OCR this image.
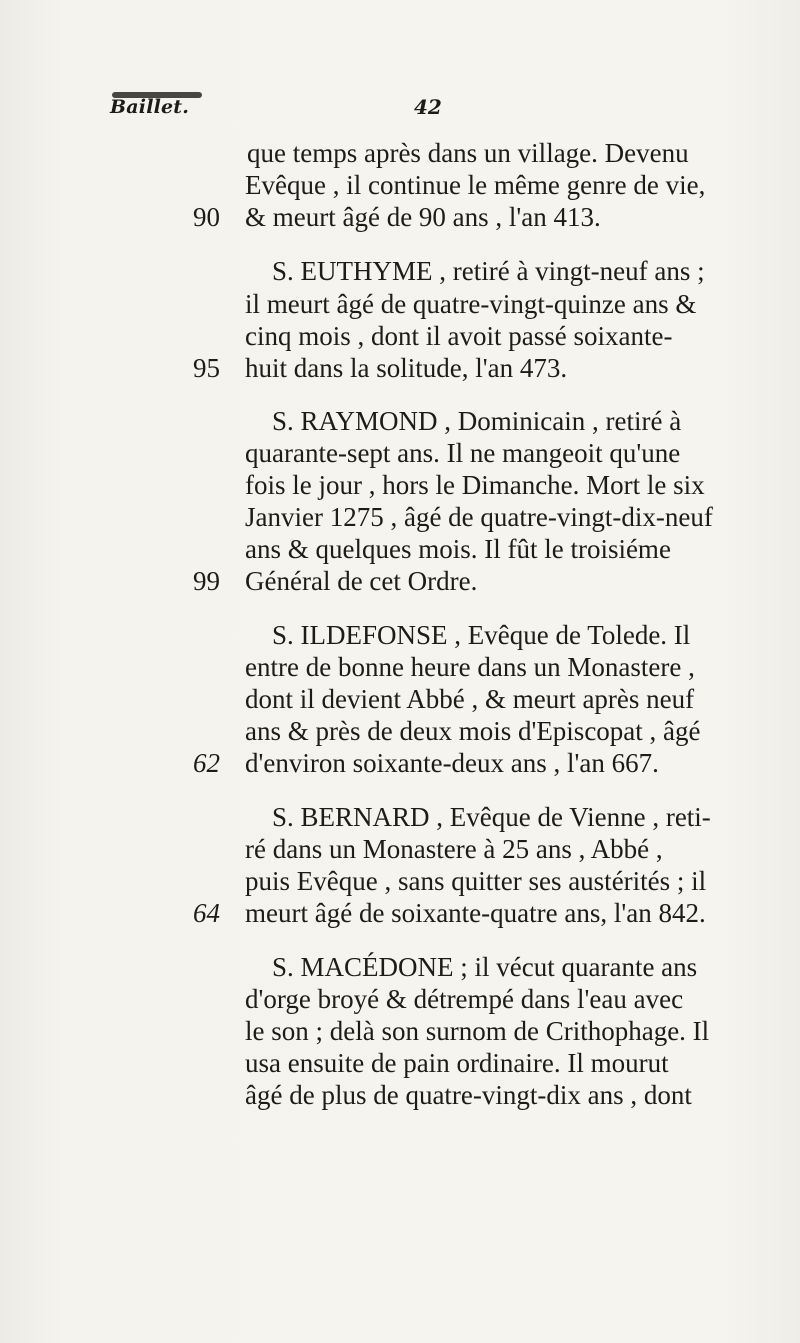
Baillet.	42
que temps après dans un village. Devenu
Evêque , il continue le même genre de vie,
90 & meurt âgé de 90 ans , l'an 413.
S. EUTHYME , retiré à vingt-neuf ans ;
il meurt âgé de quatre-vingt-quinze ans &
cinq mois , dont il avoit passé soixante-
95 huit dans la solitude, l'an 473.
S. RAYMOND , Dominicain , retiré à
quarante-sept ans. Il ne mangeoit qu'une
fois le jour , hors le Dimanche. Mort le six
Janvier 1275 , âgé de quatre-vingt-dix-neuf
ans & quelques mois. Il fût le troisiéme
99 Général de cet Ordre.
S. ILDEFONSE , Evêque de Tolede. Il
entre de bonne heure dans un Monastere ,
dont il devient Abbé , & meurt après neuf
ans & près de deux mois d'Episcopat , âgé
62 d'environ soixante-deux ans , l'an 667.
S. BERNARD , Evêque de Vienne , reti-
ré dans un Monastere à 25 ans , Abbé ,
puis Evêque , sans quitter ses austérités ; il
64 meurt âgé de soixante-quatre ans, l'an 842.
S. MACÉDONE ; il vécut quarante ans
d'orge broyé & détrempé dans l'eau avec
le son ; delà son surnom de Crithophage. Il
usa ensuite de pain ordinaire. Il mourut
âgé de plus de quatre-vingt-dix ans , dont
